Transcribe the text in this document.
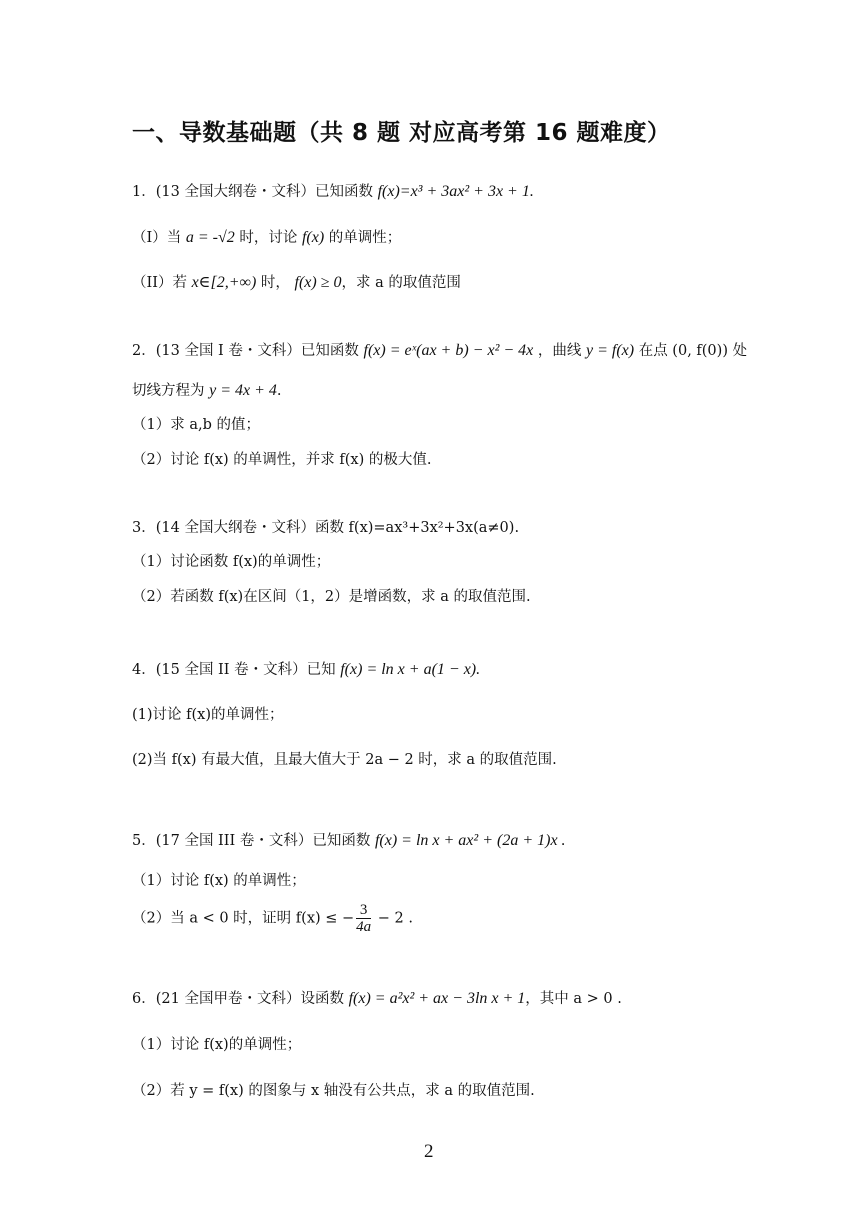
一、导数基础题（共 8 题 对应高考第 16 题难度）
1．(13 全国大纲卷・文科）已知函数 f(x)=x³ + 3ax² + 3x + 1.
（I）当 a = -√2 时，讨论 f(x) 的单调性；
（II）若 x∈[2,+∞) 时， f(x) ≥ 0，求 a 的取值范围
2．(13 全国 I 卷・文科）已知函数 f(x) = eˣ(ax + b) − x² − 4x ，曲线 y = f(x) 在点 (0, f(0)) 处
切线方程为 y = 4x + 4.
（1）求 a,b 的值；
（2）讨论 f(x) 的单调性，并求 f(x) 的极大值.
3．(14 全国大纲卷・文科）函数 f(x)=ax³+3x²+3x(a≠0).
（1）讨论函数 f(x)的单调性；
（2）若函数 f(x)在区间（1，2）是增函数，求 a 的取值范围.
4．(15 全国 II 卷・文科）已知 f(x) = ln x + a(1 − x).
(1)讨论 f(x)的单调性；
(2)当 f(x) 有最大值，且最大值大于 2a − 2 时，求 a 的取值范围.
5．(17 全国 III 卷・文科）已知函数 f(x) = ln x + ax² + (2a + 1)x .
（1）讨论 f(x) 的单调性；
（2）当 a < 0 时，证明 f(x) ≤ − $\frac{3}{4a} - 2$ .
6．(21 全国甲卷・文科）设函数 f(x) = a²x² + ax − 3ln x + 1，其中 a > 0 .
（1）讨论 f(x)的单调性；
（2）若 y = f(x) 的图象与 x 轴没有公共点，求 a 的取值范围.
2
